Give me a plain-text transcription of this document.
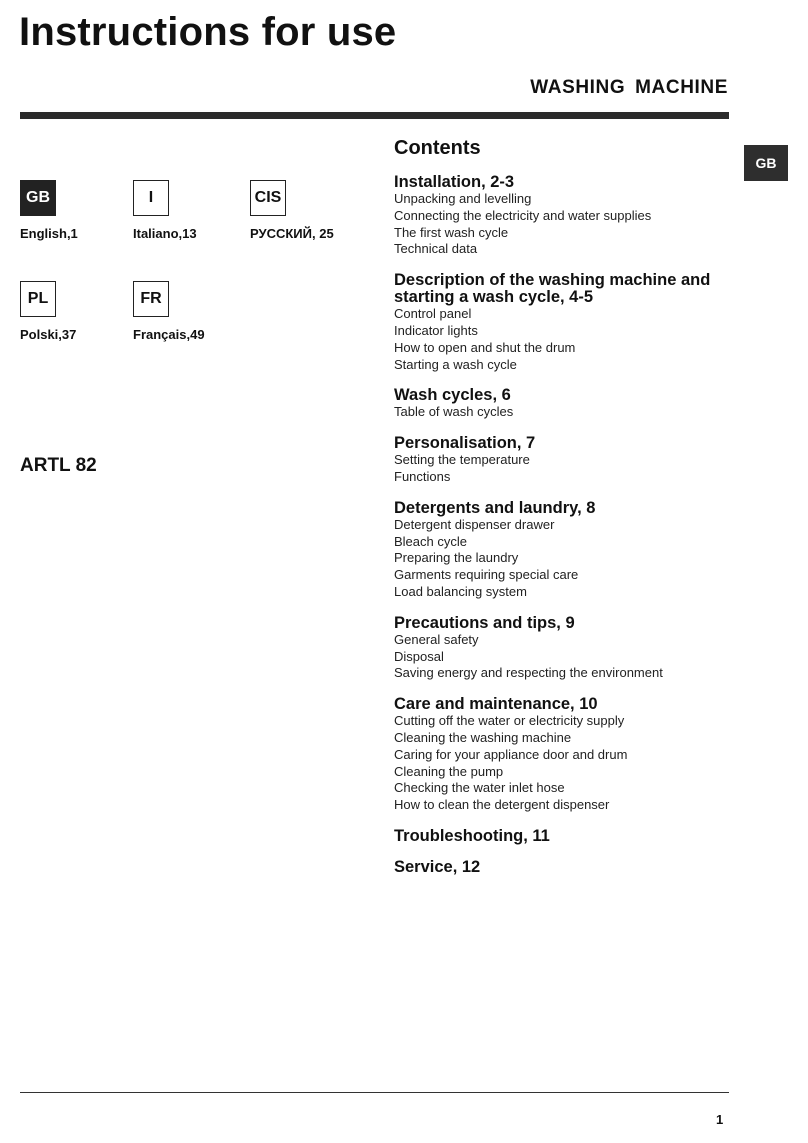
Instructions for use
WASHING MACHINE
GB
GB
English,1
I
Italiano,13
CIS
РУССКИЙ, 25
PL
Polski,37
FR
Français,49
ARTL 82
Contents
Installation, 2-3
Unpacking and levelling
Connecting the electricity and water supplies
The first wash cycle
Technical data
Description of the washing machine and starting a wash cycle, 4-5
Control panel
Indicator lights
How to open and shut the drum
Starting a wash cycle
Wash cycles, 6
Table of wash cycles
Personalisation, 7
Setting the temperature
Functions
Detergents and laundry, 8
Detergent dispenser drawer
Bleach cycle
Preparing the laundry
Garments requiring special care
Load balancing system
Precautions and tips, 9
General safety
Disposal
Saving energy and respecting the environment
Care and maintenance, 10
Cutting off the water or electricity supply
Cleaning the washing machine
Caring for your appliance door and drum
Cleaning the pump
Checking the water inlet hose
How to clean the detergent dispenser
Troubleshooting, 11
Service, 12
1
